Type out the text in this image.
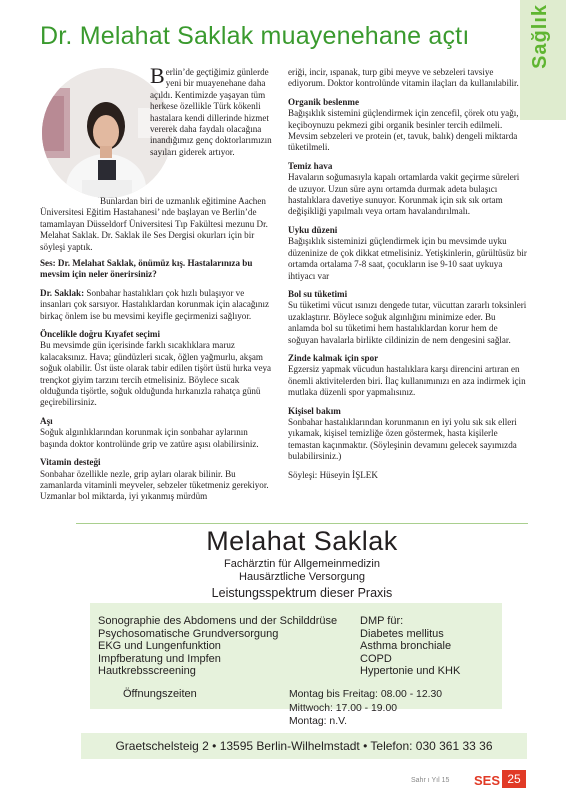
Sağlık
Dr. Melahat Saklak muayenehane açtı

Berlin’de geçtiğimiz günlerde yeni bir muayenehane daha açıldı. Kentimizde yaşayan tüm herkese özellikle Türk kökenli hastalara kendi dillerinde hizmet vererek daha faydalı olacağına inandığımız genç doktorlarımızın sayıları giderek artıyor.

Bunlardan biri de uzmanlık eğitimine Aachen Üniversitesi Eğitim Hastahanesi’ nde başlayan ve Berlin’de tamamlayan Düsseldorf Üniversitesi Tıp Fakültesi mezunu Dr. Melahat Saklak. Dr. Saklak ile Ses Dergisi okurları için bir söyleşi yaptık.

Ses: Dr. Melahat Saklak, önümüz kış. Hastalarınıza bu mevsim için neler önerirsiniz?

Dr. Saklak: Sonbahar hastalıkları çok hızlı bulaşıyor ve insanları çok sarsıyor. Hastalıklardan korunmak için alacağınız birkaç önlem ise bu mevsimi keyifle geçirmenizi sağlıyor.

Öncelikle doğru Kıyafet seçimi

Bu mevsimde gün içerisinde farklı sıcaklıklara maruz kalacaksınız. Hava; gündüzleri sıcak, öğlen yağmurlu, akşam soğuk olabilir. Üst üste olarak tabir edilen tişört üstü hırka veya trençkot giyim tarzını tercih etmelisiniz. Böylece sıcak olduğunda tişörtle, soğuk olduğunda hırkanızla rahatça günü geçirebilirsiniz.

Aşı

Soğuk algınlıklarından korunmak için sonbahar aylarının başında doktor kontrolünde grip ve zatüre aşısı olabilirsiniz.

Vitamin desteği

Sonbahar özellikle nezle, grip ayları olarak bilinir. Bu zamanlarda vitaminli meyveler, sebzeler tüketmeniz gerekiyor. Uzmanlar bol miktarda, iyi yıkanmış mürdüm

eriği, incir, ıspanak, turp gibi meyve ve sebzeleri tavsiye ediyorum. Doktor kontrolünde vitamin ilaçları da kullanılabilir.

Organik beslenme

Bağışıklık sistemini güçlendirmek için zencefil, çörek otu yağı, keçiboynuzu pekmezi gibi organik besinler tercih edilmeli. Mevsim sebzeleri ve protein (et, tavuk, balık) dengeli miktarda tüketilmeli.

Temiz hava

Havaların soğumasıyla kapalı ortamlarda vakit geçirme süreleri de uzuyor. Uzun süre aynı ortamda durmak adeta bulaşıcı hastalıklara davetiye sunuyor. Korunmak için sık sık ortam değişikliği yapılmalı veya ortam havalandırılmalı.

Uyku düzeni

Bağışıklık sisteminizi güçlendirmek için bu mevsimde uyku düzeninize de çok dikkat etmelisiniz. Yetişkinlerin, gürültüsüz bir ortamda ortalama 7-8 saat, çocukların ise 9-10 saat uykuya ihtiyacı var

Bol su tüketimi

Su tüketimi vücut ısınızı dengede tutar, vücuttan zararlı toksinleri uzaklaştırır. Böylece soğuk algınlığını minimize eder. Bu anlamda bol su tüketimi hem hastalıklardan korur hem de soğuyan havalarla birlikte cildinizin de nem dengesini sağlar.

Zinde kalmak için spor

Egzersiz yapmak vücudun hastalıklara karşı direncini artıran en önemli aktivitelerden biri. İlaç kullanımınızı en aza indirmek için mutlaka düzenli spor yapmalısınız.

Kişisel bakım

Sonbahar hastalıklarından korunmanın en iyi yolu sık sık elleri yıkamak, kişisel temizliğe özen göstermek, hasta kişilerle temastan kaçınmaktır. (Söyleşinin devamını gelecek sayımızda bulabilirsiniz.)

Söyleşi: Hüseyin İŞLEK

Melahat Saklak
Fachärztin für Allgemeinmedizin
Hausärztliche Versorgung
Leistungsspektrum dieser Praxis
Sonographie des Abdomens und der Schilddrüse
Psychosomatische Grundversorgung
EKG und Lungenfunktion
Impfberatung und Impfen
Hautkrebsscreening
DMP für:
Diabetes mellitus
Asthma bronchiale
COPD
Hypertonie und KHK
Öffnungszeiten	Montag bis Freitag: 08.00 - 12.30
Mittwoch: 17.00 - 19.00
Montag: n.V.
Graetschelsteig 2 • 13595 Berlin-Wilhelmstadt • Telefon: 030 361 33 36
Sahr ı Yıl 15 SES 25
